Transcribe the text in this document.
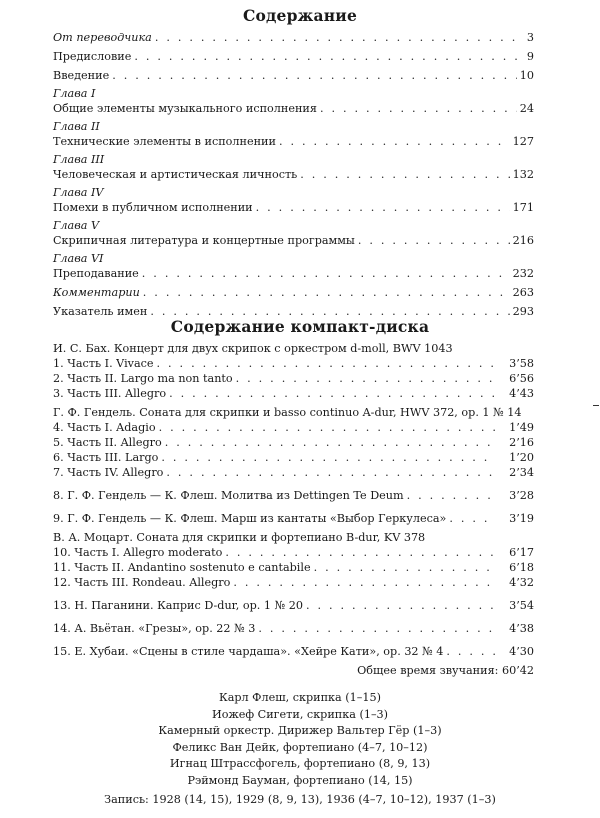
Содержание
От переводчика . . .	3
Предисловие . . .	9
Введение . . .	10
Глава I
Общие элементы музыкального исполнения . . .	24
Глава II
Технические элементы в исполнении . . .	127
Глава III
Человеческая и артистическая личность . . .	132
Глава IV
Помехи в публичном исполнении . . .	171
Глава V
Скрипичная литература и концертные программы . . .	216
Глава VI
Преподавание . . .	232
Комментарии . . .	263
Указатель имен . . .	293
Содержание компакт-диска
И. С. Бах. Концерт для двух скрипок с оркестром d-moll, BWV 1043
1. Часть I. Vivace . . .	3’58
2. Часть II. Largo ma non tanto . . .	6’56
3. Часть III. Allegro . . .	4’43
Г. Ф. Гендель. Соната для скрипки и basso continuo A-dur, HWV 372, op. 1 № 14
4. Часть I. Adagio . . .	1’49
5. Часть II. Allegro . . .	2’16
6. Часть III. Largo . . .	1’20
7. Часть IV. Allegro . . .	2’34
8. Г. Ф. Гендель — К. Флеш. Молитва из Dettingen Te Deum . . .	3’28
9. Г. Ф. Гендель — К. Флеш. Марш из кантаты «Выбор Геркулеса» . . .	3’19
В. А. Моцарт. Соната для скрипки и фортепиано B-dur, KV 378
10. Часть I. Allegro moderato . . .	6’17
11. Часть II. Andantino sostenuto e cantabile . . .	6’18
12. Часть III. Rondeau. Allegro . . .	4’32
13. Н. Паганини. Каприс D-dur, op. 1 № 20 . . .	3’54
14. А. Вьётан. «Грезы», op. 22 № 3 . . .	4’38
15. Е. Хубаи. «Сцены в стиле чардаша». «Хейре Кати», op. 32 № 4 . . .	4’30
Общее время звучания: 60’42
Карл Флеш, скрипка (1–15)
Иожеф Сигети, скрипка (1–3)
Камерный оркестр. Дирижер Вальтер Гёр (1–3)
Феликс Ван Дейк, фортепиано (4–7, 10–12)
Игнац Штрассфогель, фортепиано (8, 9, 13)
Рэймонд Бауман, фортепиано (14, 15)
Запись: 1928 (14, 15), 1929 (8, 9, 13), 1936 (4–7, 10–12), 1937 (1–3)
